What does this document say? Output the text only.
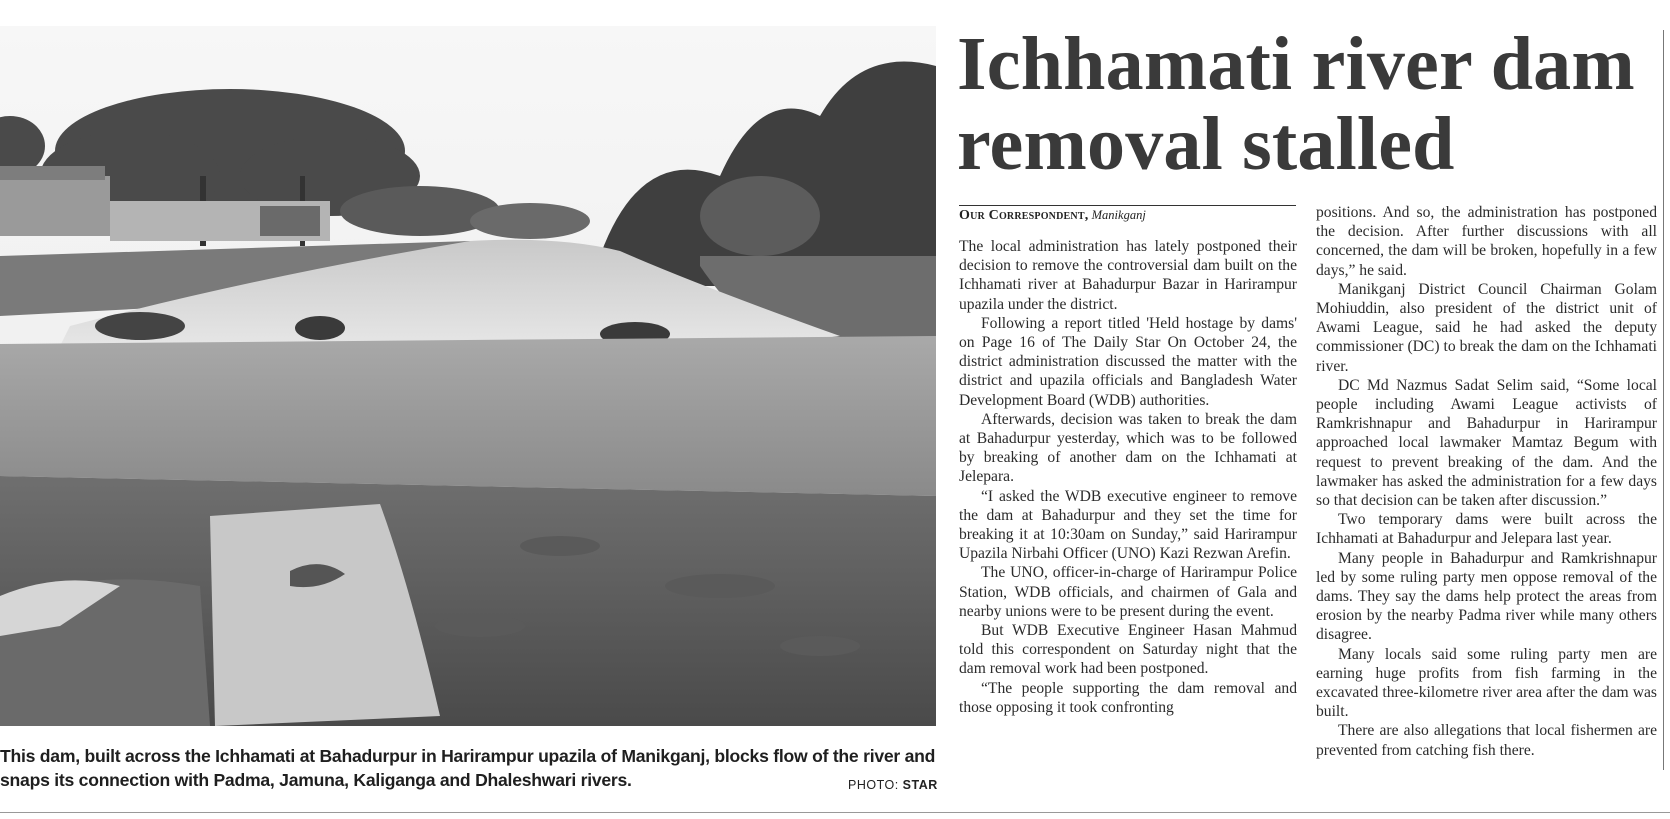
This dam, built across the Ichhamati at Bahadurpur in Harirampur upazila of Manikganj, blocks flow of the river and snaps its connection with Padma, Jamuna, Kaliganga and Dhaleshwari rivers.	PHOTO: STAR
Ichhamati river dam
removal stalled
Our Correspondent, Manikganj

The local administration has lately postponed their decision to remove the controversial dam built on the Ichhamati river at Bahadurpur Bazar in Harirampur upazila under the district.

Following a report titled 'Held hostage by dams' on Page 16 of The Daily Star On October 24, the district administration discussed the matter with the district and upazila officials and Bangladesh Water Development Board (WDB) authorities.

Afterwards, decision was taken to break the dam at Bahadurpur yesterday, which was to be followed by breaking of another dam on the Ichhamati at Jelepara.

“I asked the WDB executive engineer to remove the dam at Bahadurpur and they set the time for breaking it at 10:30am on Sunday,” said Harirampur Upazila Nirbahi Officer (UNO) Kazi Rezwan Arefin.

The UNO, officer-in-charge of Harirampur Police Station, WDB officials, and chairmen of Gala and nearby unions were to be present during the event.

But WDB Executive Engineer Hasan Mahmud told this correspondent on Saturday night that the dam removal work had been postponed.

“The people supporting the dam removal and those opposing it took confronting

positions. And so, the administration has postponed the decision. After further discussions with all concerned, the dam will be broken, hopefully in a few days,” he said.

Manikganj District Council Chairman Golam Mohiuddin, also president of the district unit of Awami League, said he had asked the deputy commissioner (DC) to break the dam on the Ichhamati river.

DC Md Nazmus Sadat Selim said, “Some local people including Awami League activists of Ramkrishnapur and Bahadurpur in Harirampur approached local lawmaker Mamtaz Begum with request to prevent breaking of the dam. And the lawmaker has asked the administration for a few days so that decision can be taken after discussion.”

Two temporary dams were built across the Ichhamati at Bahadurpur and Jelepara last year.

Many people in Bahadurpur and Ramkrishnapur led by some ruling party men oppose removal of the dams. They say the dams help protect the areas from erosion by the nearby Padma river while many others disagree.

Many locals said some ruling party men are earning huge profits from fish farming in the excavated three-kilometre river area after the dam was built.

There are also allegations that local fishermen are prevented from catching fish there.
